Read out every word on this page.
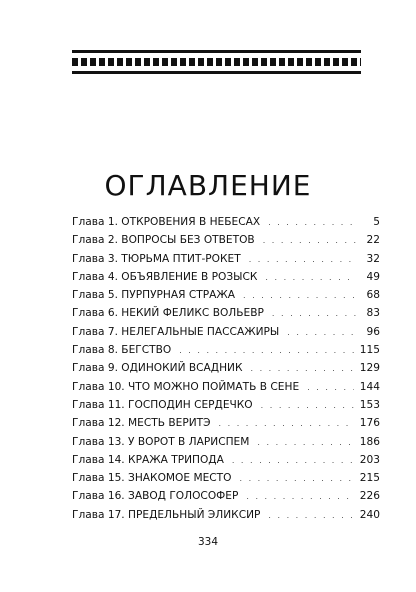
ОГЛАВЛЕНИЕ
Глава 1. ОТКРОВЕНИЯ В НЕБЕСАХ . . .	5
Глава 2. ВОПРОСЫ БЕЗ ОТВЕТОВ . . .	22
Глава 3. ТЮРЬМА ПТИТ-РОКЕТ . . .	32
Глава 4. ОБЪЯВЛЕНИЕ В РОЗЫСК . . .	49
Глава 5. ПУРПУРНАЯ СТРАЖА . . .	68
Глава 6. НЕКИЙ ФЕЛИКС ВОЛЬЕВР . . .	83
Глава 7. НЕЛЕГАЛЬНЫЕ ПАССАЖИРЫ . . .	96
Глава 8. БЕГСТВО . . .	115
Глава 9. ОДИНОКИЙ ВСАДНИК . . .	129
Глава 10. ЧТО МОЖНО ПОЙМАТЬ В СЕНЕ . . .	144
Глава 11. ГОСПОДИН СЕРДЕЧКО . . .	153
Глава 12. МЕСТЬ ВЕРИТЭ . . .	176
Глава 13. У ВОРОТ В ЛАРИСПЕМ . . .	186
Глава 14. КРАЖА ТРИПОДА . . .	203
Глава 15. ЗНАКОМОЕ МЕСТО . . .	215
Глава 16. ЗАВОД ГОЛОСОФЕР . . .	226
Глава 17. ПРЕДЕЛЬНЫЙ ЭЛИКСИР . . .	240
334
